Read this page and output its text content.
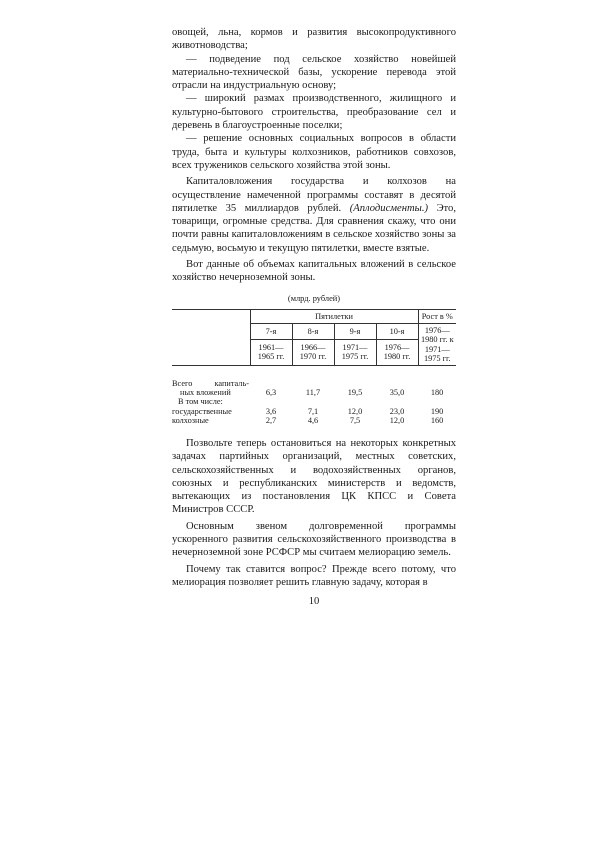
овощей, льна, кормов и развития высокопродуктивного животноводства;

— подведение под сельское хозяйство новейшей материально-технической базы, ускорение перевода этой отрасли на индустриальную основу;

— широкий размах производственного, жилищного и культурно-бытового строительства, преобразование сел и деревень в благоустроенные поселки;

— решение основных социальных вопросов в области труда, быта и культуры колхозников, работников совхозов, всех тружеников сельского хозяйства этой зоны.

Капиталовложения государства и колхозов на осуществление намеченной программы составят в десятой пятилетке 35 миллиардов рублей. (Аплодисменты.) Это, товарищи, огромные средства. Для сравнения скажу, что они почти равны капиталовложениям в сельское хозяйство зоны за седьмую, восьмую и текущую пятилетки, вместе взятые.

Вот данные об объемах капитальных вложений в сельское хозяйство нечерноземной зоны.

(млрд. рублей)
	Пятилетки				Рост в %
	7-я	8-я	9-я	10-я	1976—1980 гг. к 1971—1975 гг.
	1961—1965 гг.	1966—1970 гг.	1971—1975 гг.	1976—1980 гг.	
Всего капиталь-					
ных вложений	6,3	11,7	19,5	35,0	180
В том числе:					
государственные	3,6	7,1	12,0	23,0	190
колхозные	2,7	4,6	7,5	12,0	160

Позвольте теперь остановиться на некоторых конкретных задачах партийных организаций, местных советских, сельскохозяйственных и водохозяйственных органов, союзных и республиканских министерств и ведомств, вытекающих из постановления ЦК КПСС и Совета Министров СССР.

Основным звеном долговременной программы ускоренного развития сельскохозяйственного производства в нечерноземной зоне РСФСР мы считаем мелиорацию земель.

Почему так ставится вопрос? Прежде всего потому, что мелиорация позволяет решить главную задачу, которая в

10
